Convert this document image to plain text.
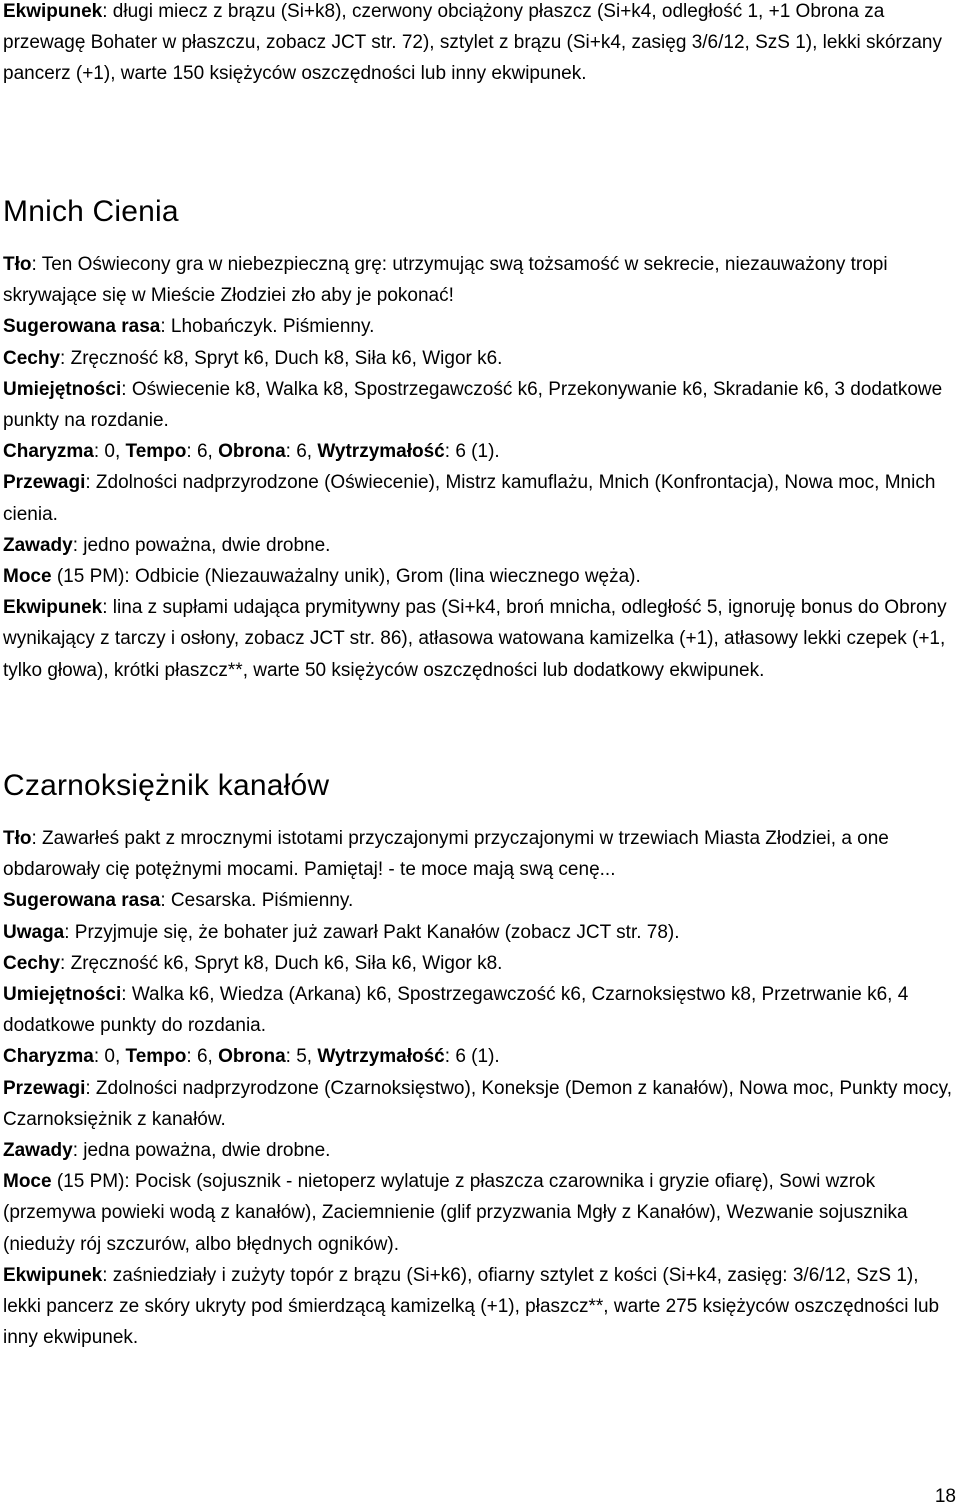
Ekwipunek: długi miecz z brązu (Si+k8), czerwony obciążony płaszcz (Si+k4, odległość 1, +1 Obrona za przewagę Bohater w płaszczu, zobacz JCT str. 72), sztylet z brązu (Si+k4, zasięg 3/6/12, SzS 1), lekki skórzany pancerz (+1), warte 150 księżyców oszczędności lub inny ekwipunek.

Mnich Cienia

Tło: Ten Oświecony gra w niebezpieczną grę: utrzymując swą tożsamość w sekrecie, niezauważony tropi skrywające się w Mieście Złodziei zło aby je pokonać!

Sugerowana rasa: Lhobańczyk. Piśmienny.

Cechy: Zręczność k8, Spryt k6, Duch k8, Siła k6, Wigor k6.

Umiejętności: Oświecenie k8, Walka k8, Spostrzegawczość k6, Przekonywanie k6, Skradanie k6, 3 dodatkowe punkty na rozdanie.

Charyzma: 0, Tempo: 6, Obrona: 6, Wytrzymałość: 6 (1).

Przewagi: Zdolności nadprzyrodzone (Oświecenie), Mistrz kamuflażu, Mnich (Konfrontacja), Nowa moc, Mnich cienia.

Zawady: jedno poważna, dwie drobne.

Moce (15 PM): Odbicie (Niezauważalny unik), Grom (lina wiecznego węża).

Ekwipunek: lina z supłami udająca prymitywny pas (Si+k4, broń mnicha, odległość 5, ignoruję bonus do Obrony wynikający z tarczy i osłony, zobacz JCT str. 86), atłasowa watowana kamizelka (+1), atłasowy lekki czepek (+1, tylko głowa), krótki płaszcz**, warte 50 księżyców oszczędności lub dodatkowy ekwipunek.

Czarnoksiężnik kanałów

Tło: Zawarłeś pakt z mrocznymi istotami przyczajonymi przyczajonymi w trzewiach Miasta Złodziei, a one obdarowały cię potężnymi mocami. Pamiętaj! - te moce mają swą cenę...

Sugerowana rasa: Cesarska. Piśmienny.

Uwaga: Przyjmuje się, że bohater już zawarł Pakt Kanałów (zobacz JCT str. 78).

Cechy: Zręczność k6, Spryt k8, Duch k6, Siła k6, Wigor k8.

Umiejętności: Walka k6, Wiedza (Arkana) k6, Spostrzegawczość k6, Czarnoksięstwo k8, Przetrwanie k6, 4 dodatkowe punkty do rozdania.

Charyzma: 0, Tempo: 6, Obrona: 5, Wytrzymałość: 6 (1).

Przewagi: Zdolności nadprzyrodzone (Czarnoksięstwo), Koneksje (Demon z kanałów), Nowa moc, Punkty mocy, Czarnoksiężnik z kanałów.

Zawady: jedna poważna, dwie drobne.

Moce (15 PM): Pocisk (sojusznik - nietoperz wylatuje z płaszcza czarownika i gryzie ofiarę), Sowi wzrok (przemywa powieki wodą z kanałów), Zaciemnienie (glif przyzwania Mgły z Kanałów), Wezwanie sojusznika (nieduży rój szczurów, albo błędnych ogników).

Ekwipunek: zaśniedziały i zużyty topór z brązu (Si+k6), ofiarny sztylet z kości (Si+k4, zasięg: 3/6/12, SzS 1), lekki pancerz ze skóry ukryty pod śmierdzącą kamizelką (+1), płaszcz**, warte 275 księżyców oszczędności lub inny ekwipunek.

18
